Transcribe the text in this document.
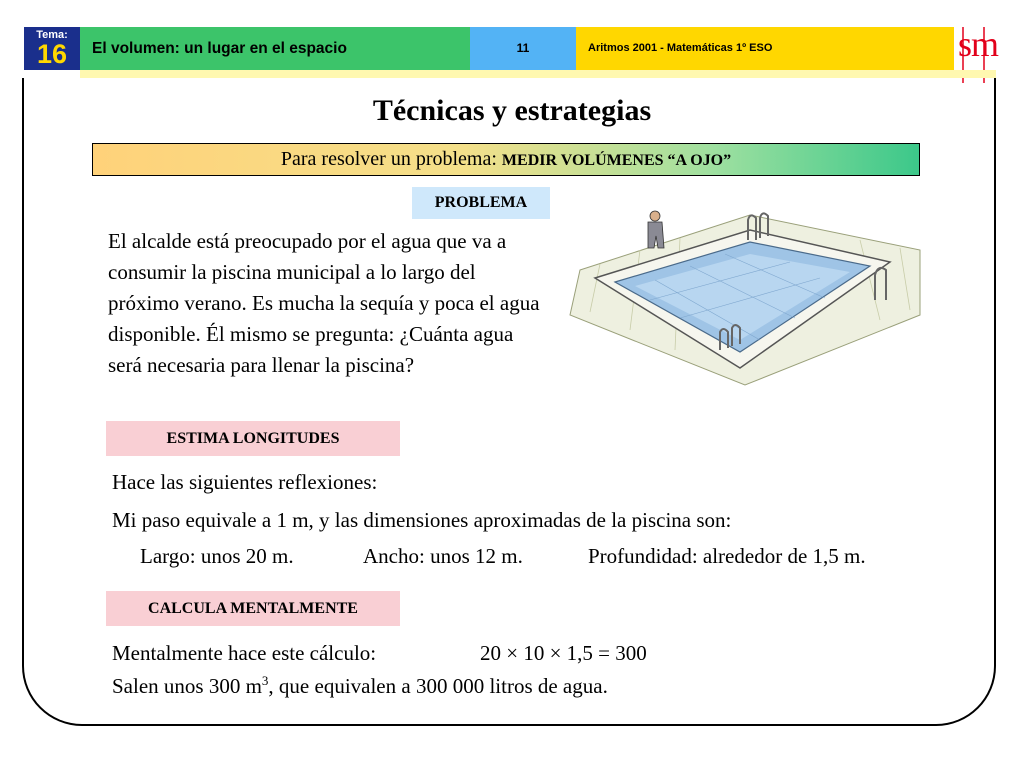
Tema:
16	El volumen: un lugar en el espacio	11	Aritmos 2001 - Matemáticas 1º ESO	sm
Técnicas y estrategias
Para resolver un problema: MEDIR VOLÚMENES “A OJO”
PROBLEMA

El alcalde está preocupado por el agua que va a consumir la piscina municipal a lo largo del próximo verano. Es mucha la sequía y poca el agua disponible. Él mismo se pregunta: ¿Cuánta agua será necesaria para llenar la piscina?

ESTIMA LONGITUDES
Hace las siguientes reflexiones:
Mi paso equivale a 1 m, y las dimensiones aproximadas de la piscina son:
Largo: unos 20 m.	Ancho: unos 12 m.	Profundidad: alrededor de 1,5 m.
CALCULA MENTALMENTE
Mentalmente hace este cálculo:	20 × 10 × 1,5 = 300
Salen unos 300 $m^3$, que equivalen a 300 000 litros de agua.
